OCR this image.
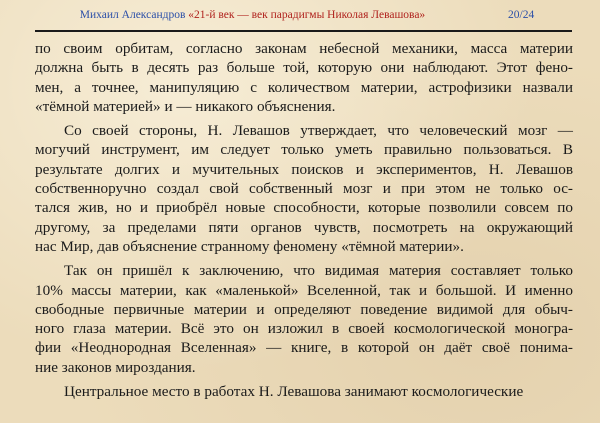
Михаил Александров «21-й век — век парадигмы Николая Левашова»	20/24
по своим орбитам, согласно законам небесной механики, масса материи
должна быть в десять раз больше той, которую они наблюдают. Этот фено-
мен, а точнее, манипуляцию с количеством материи, астрофизики назвали
«тёмной материей» и — никакого объяснения.
Со своей стороны, Н. Левашов утверждает, что человеческий мозг —
могучий инструмент, им следует только уметь правильно пользоваться. В
результате долгих и мучительных поисков и экспериментов, Н. Левашов
собственноручно создал свой собственный мозг и при этом не только ос-
тался жив, но и приобрёл новые способности, которые позволили совсем по
другому, за пределами пяти органов чувств, посмотреть на окружающий
нас Мир, дав объяснение странному феномену «тёмной материи».
Так он пришёл к заключению, что видимая материя составляет только
10% массы материи, как «маленькой» Вселенной, так и большой. И именно
свободные первичные материи и определяют поведение видимой для обыч-
ного глаза материи. Всё это он изложил в своей космологической моногра-
фии «Неоднородная Вселенная» — книге, в которой он даёт своё понима-
ние законов мироздания.
Центральное место в работах Н. Левашова занимают космологические
